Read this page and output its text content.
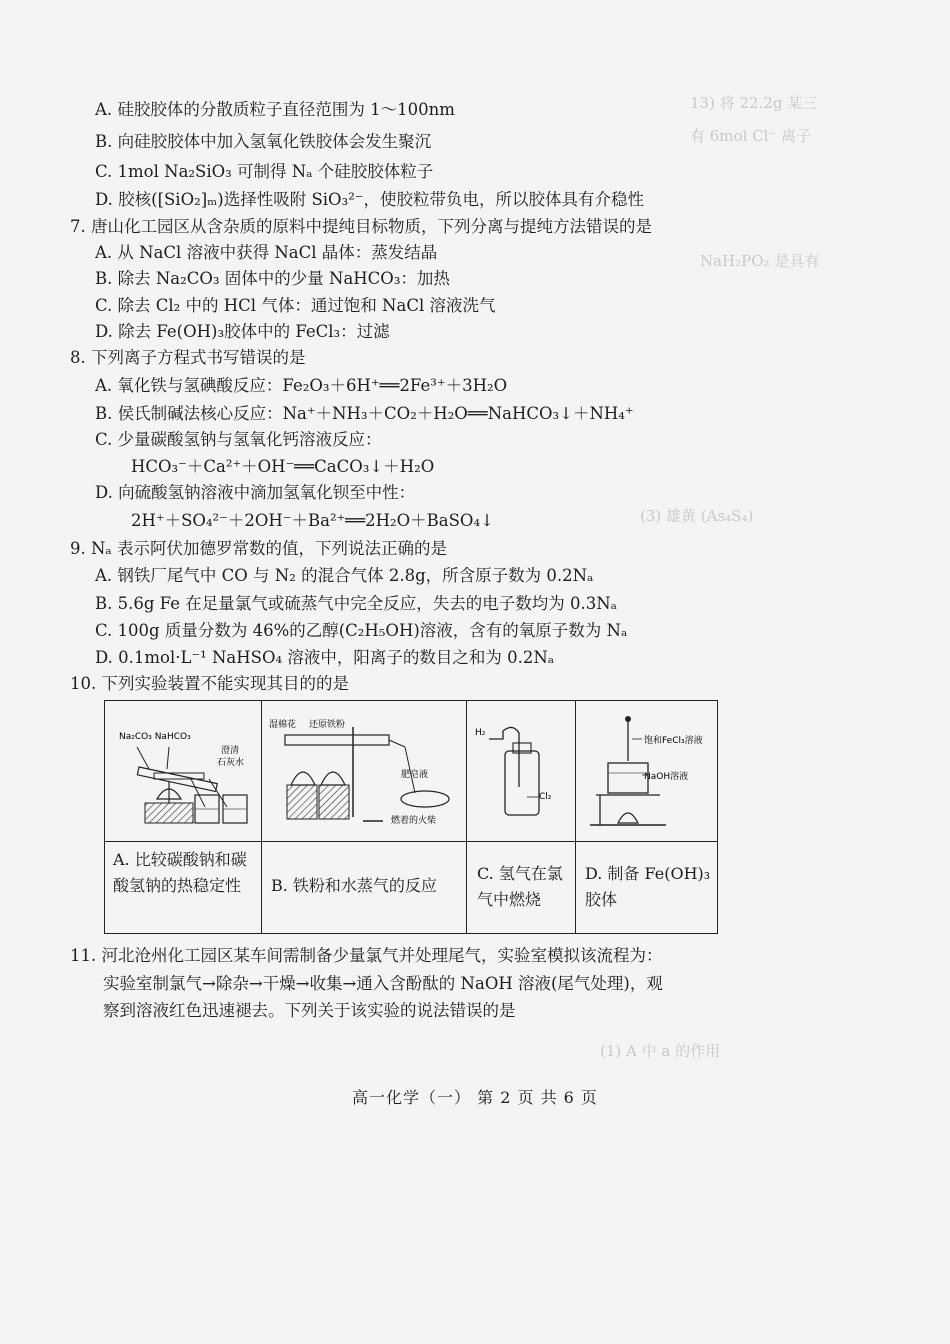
13) 将 22.2g 某三
有 6mol Cl⁻ 离子
NaH₂PO₂ 是具有
(3) 雄黄 (As₄S₄)
(1) A 中 a 的作用
A. 硅胶胶体的分散质粒子直径范围为 1～100nm
B. 向硅胶胶体中加入氢氧化铁胶体会发生聚沉
C. 1mol Na₂SiO₃ 可制得 Nₐ 个硅胶胶体粒子
D. 胶核([SiO₂]ₘ)选择性吸附 SiO₃²⁻，使胶粒带负电，所以胶体具有介稳性
7. 唐山化工园区从含杂质的原料中提纯目标物质，下列分离与提纯方法错误的是
A. 从 NaCl 溶液中获得 NaCl 晶体：蒸发结晶
B. 除去 Na₂CO₃ 固体中的少量 NaHCO₃：加热
C. 除去 Cl₂ 中的 HCl 气体：通过饱和 NaCl 溶液洗气
D. 除去 Fe(OH)₃胶体中的 FeCl₃：过滤
8. 下列离子方程式书写错误的是
A. 氧化铁与氢碘酸反应：Fe₂O₃＋6H⁺══2Fe³⁺＋3H₂O
B. 侯氏制碱法核心反应：Na⁺＋NH₃＋CO₂＋H₂O══NaHCO₃↓＋NH₄⁺
C. 少量碳酸氢钠与氢氧化钙溶液反应：
HCO₃⁻＋Ca²⁺＋OH⁻══CaCO₃↓＋H₂O
D. 向硫酸氢钠溶液中滴加氢氧化钡至中性：
2H⁺＋SO₄²⁻＋2OH⁻＋Ba²⁺══2H₂O＋BaSO₄↓
9. Nₐ 表示阿伏加德罗常数的值，下列说法正确的是
A. 钢铁厂尾气中 CO 与 N₂ 的混合气体 2.8g，所含原子数为 0.2Nₐ
B. 5.6g Fe 在足量氯气或硫蒸气中完全反应，失去的电子数均为 0.3Nₐ
C. 100g 质量分数为 46%的乙醇(C₂H₅OH)溶液，含有的氧原子数为 Nₐ
D. 0.1mol·L⁻¹ NaHSO₄ 溶液中，阳离子的数目之和为 0.2Nₐ
10. 下列实验装置不能实现其目的的是
Na₂CO₃ NaHCO₃
澄清
石灰水
湿棉花 还原铁粉
肥皂液
燃着的火柴
H₂
Cl₂
饱和FeCl₃溶液
NaOH溶液
A. 比较碳酸钠和碳酸氢钠的热稳定性	B. 铁粉和水蒸气的反应
C. 氢气在氯气中燃烧
D. 制备 Fe(OH)₃ 胶体
11. 河北沧州化工园区某车间需制备少量氯气并处理尾气，实验室模拟该流程为：
实验室制氯气→除杂→干燥→收集→通入含酚酞的 NaOH 溶液(尾气处理)，观
察到溶液红色迅速褪去。下列关于该实验的说法错误的是
高一化学（一） 第 2 页 共 6 页
